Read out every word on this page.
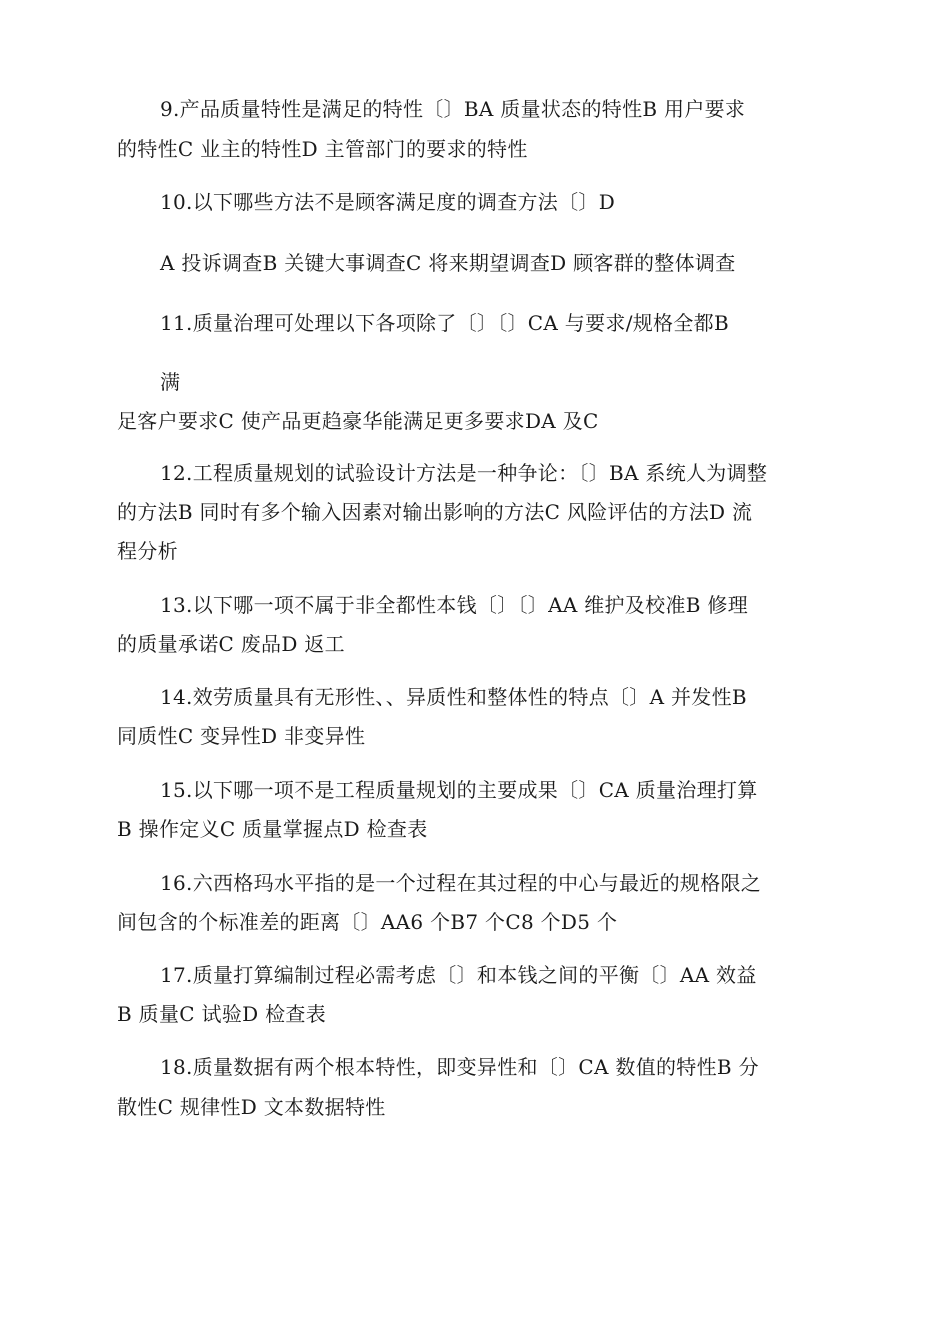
9.产品质量特性是满足的特性〔〕BA 质量状态的特性B 用户要求
的特性C 业主的特性D 主管部门的要求的特性
10.以下哪些方法不是顾客满足度的调查方法〔〕D
A 投诉调查B 关键大事调查C 将来期望调查D 顾客群的整体调查
11.质量治理可处理以下各项除了〔〕〔〕CA 与要求/规格全都B
满
足客户要求C 使产品更趋豪华能满足更多要求DA 及C
12.工程质量规划的试验设计方法是一种争论：〔〕BA 系统人为调整
的方法B 同时有多个输入因素对输出影响的方法C 风险评估的方法D 流
程分析
13.以下哪一项不属于非全都性本钱〔〕〔〕AA 维护及校准B 修理
的质量承诺C 废品D 返工
14.效劳质量具有无形性、、异质性和整体性的特点〔〕A 并发性B
同质性C 变异性D 非变异性
15.以下哪一项不是工程质量规划的主要成果〔〕CA 质量治理打算
B 操作定义C 质量掌握点D 检查表
16.六西格玛水平指的是一个过程在其过程的中心与最近的规格限之
间包含的个标准差的距离〔〕AA6 个B7 个C8 个D5 个
17.质量打算编制过程必需考虑〔〕和本钱之间的平衡〔〕AA 效益
B 质量C 试验D 检查表
18.质量数据有两个根本特性，即变异性和〔〕CA 数值的特性B 分
散性C 规律性D 文本数据特性
